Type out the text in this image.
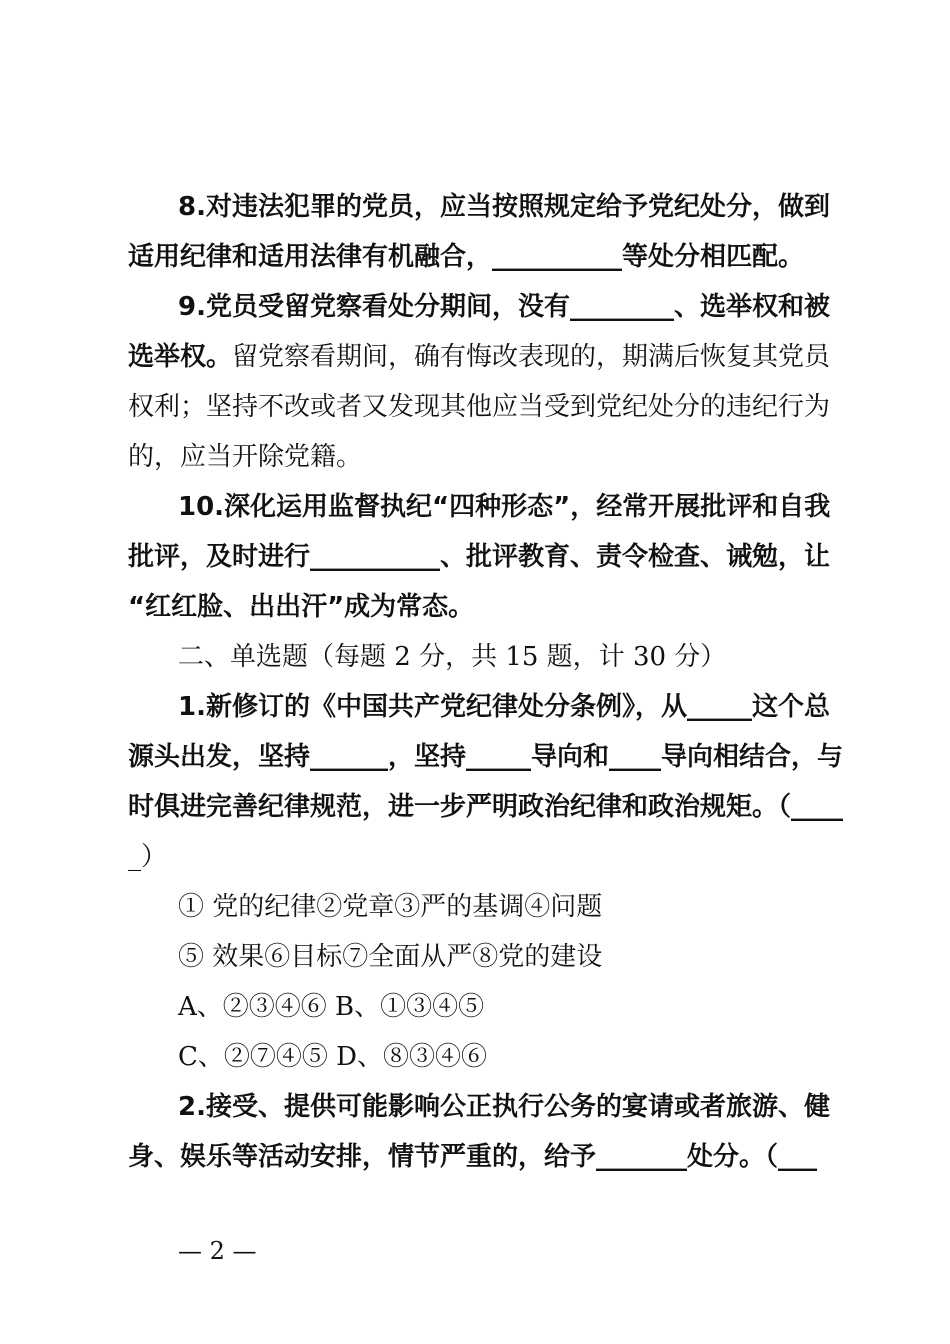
8.对违法犯罪的党员，应当按照规定给予党纪处分，做到
适用纪律和适用法律有机融合，__________等处分相匹配。
9.党员受留党察看处分期间，没有________、选举权和被
选举权。留党察看期间，确有悔改表现的，期满后恢复其党员
权利；坚持不改或者又发现其他应当受到党纪处分的违纪行为
的，应当开除党籍。
10.深化运用监督执纪“四种形态”，经常开展批评和自我
批评，及时进行__________、批评教育、责令检查、诫勉，让
“红红脸、出出汗”成为常态。
二、单选题（每题 2 分，共 15 题，计 30 分）
1.新修订的《中国共产党纪律处分条例》，从_____这个总
源头出发，坚持______，坚持_____导向和____导向相结合，与
时俱进完善纪律规范，进一步严明政治纪律和政治规矩。（____
_）
① 党的纪律②党章③严的基调④问题
⑤ 效果⑥目标⑦全面从严⑧党的建设
A、②③④⑥ B、①③④⑤
C、②⑦④⑤ D、⑧③④⑥
2.接受、提供可能影响公正执行公务的宴请或者旅游、健
身、娱乐等活动安排，情节严重的，给予_______处分。（___
— 2 —
